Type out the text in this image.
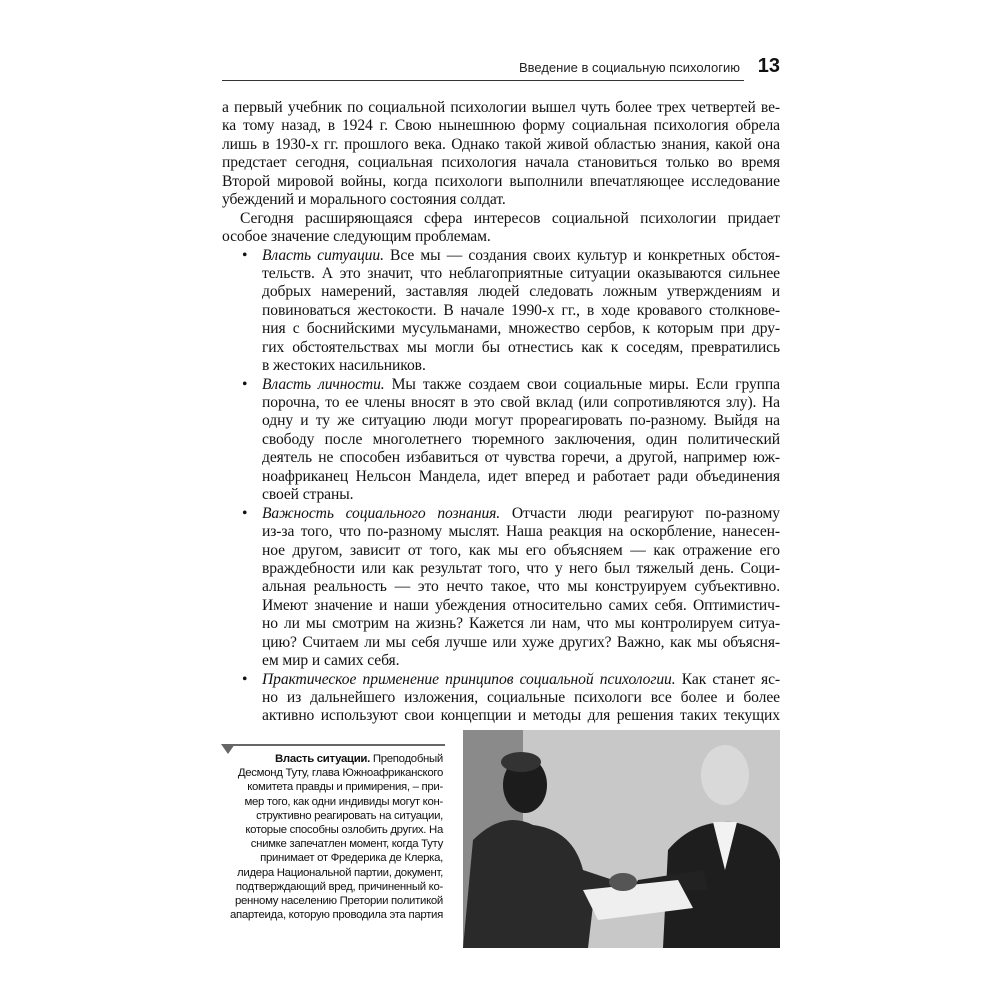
Введение в социальную психологию 13
а первый учебник по социальной психологии вышел чуть более трех четвертей ве-
ка тому назад, в 1924 г. Свою нынешнюю форму социальная психология обрела
лишь в 1930-х гг. прошлого века. Однако такой живой областью знания, какой она
предстает сегодня, социальная психология начала становиться только во время
Второй мировой войны, когда психологи выполнили впечатляющее исследование
убеждений и морального состояния солдат.
Сегодня расширяющаяся сфера интересов социальной психологии придает
особое значение следующим проблемам.
• Власть ситуации. Все мы — создания своих культур и конкретных обстоя-
тельств. А это значит, что неблагоприятные ситуации оказываются сильнее
добрых намерений, заставляя людей следовать ложным утверждениям и
повиноваться жестокости. В начале 1990-х гг., в ходе кровавого столкнове-
ния с боснийскими мусульманами, множество сербов, к которым при дру-
гих обстоятельствах мы могли бы отнестись как к соседям, превратились
в жестоких насильников.
• Власть личности. Мы также создаем свои социальные миры. Если группа
порочна, то ее члены вносят в это свой вклад (или сопротивляются злу). На
одну и ту же ситуацию люди могут прореагировать по-разному. Выйдя на
свободу после многолетнего тюремного заключения, один политический
деятель не способен избавиться от чувства горечи, а другой, например юж-
ноафриканец Нельсон Мандела, идет вперед и работает ради объединения
своей страны.
• Важность социального познания. Отчасти люди реагируют по-разному
из-за того, что по-разному мыслят. Наша реакция на оскорбление, нанесен-
ное другом, зависит от того, как мы его объясняем — как отражение его
враждебности или как результат того, что у него был тяжелый день. Соци-
альная реальность — это нечто такое, что мы конструируем субъективно.
Имеют значение и наши убеждения относительно самих себя. Оптимистич-
но ли мы смотрим на жизнь? Кажется ли нам, что мы контролируем ситуа-
цию? Считаем ли мы себя лучше или хуже других? Важно, как мы объясня-
ем мир и самих себя.
• Практическое применение принципов социальной психологии. Как станет яс-
но из дальнейшего изложения, социальные психологи все более и более
активно используют свои концепции и методы для решения таких текущих
Власть ситуации. Преподобный
Десмонд Туту, глава Южноафриканского
комитета правды и примирения, – при-
мер того, как одни индивиды могут кон-
структивно реагировать на ситуации,
которые способны озлобить других. На
снимке запечатлен момент, когда Туту
принимает от Фредерика де Клерка,
лидера Национальной партии, документ,
подтверждающий вред, причиненный ко-
ренному населению Претории политикой
апартеида, которую проводила эта партия
